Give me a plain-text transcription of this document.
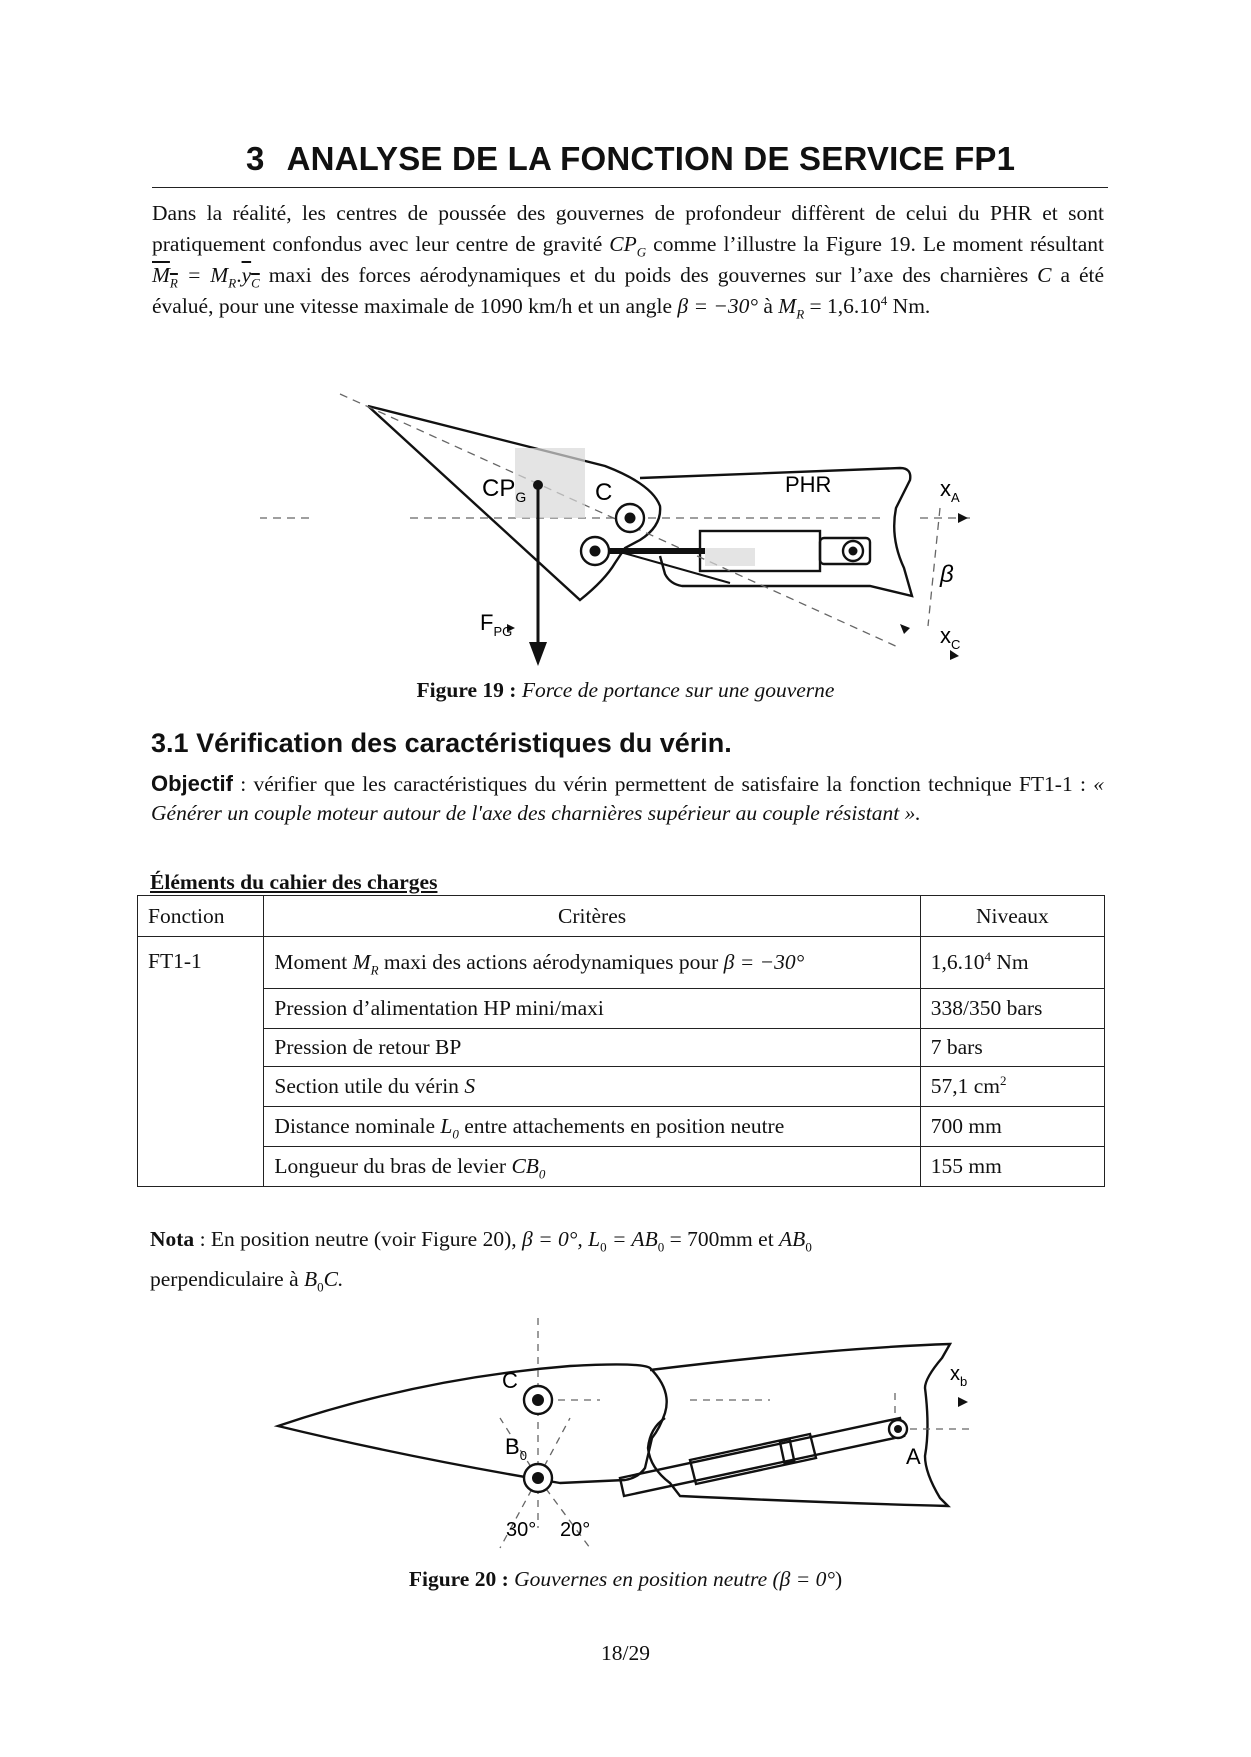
3 ANALYSE DE LA FONCTION DE SERVICE FP1

Dans la réalité, les centres de poussée des gouvernes de profondeur diffèrent de celui du PHR et sont pratiquement confondus avec leur centre de gravité $CP_G$ comme l’illustre la Figure 19. Le moment résultant $M_R = M_R.y_C$ maxi des forces aérodynamiques et du poids des gouvernes sur l’axe des charnières C a été évalué, pour une vitesse maximale de 1090 km/h et un angle β = −30° à $M_R = 1,6.10^4$ Nm.

$CP_G$	C	PHR	$x_A$
β
$x_C$
$F_{PG}$
Figure 19 : Force de portance sur une gouverne
3.1 Vérification des caractéristiques du vérin.
Objectif : vérifier que les caractéristiques du vérin permettent de satisfaire la fonction technique FT1-1 : « Générer un couple moteur autour de l'axe des charnières supérieur au couple résistant ».
Éléments du cahier des charges
Fonction	Critères	Niveaux
FT1-1	Moment $M_R$ maxi des actions aérodynamiques pour β = −30°	1,6.10$^4$ Nm
	Pression d’alimentation HP mini/maxi	338/350 bars
	Pression de retour BP	7 bars
	Section utile du vérin S	57,1 $cm^2$
	Distance nominale $L_0$ entre attachements en position neutre	700 mm
	Longueur du bras de levier $CB_0$	155 mm
Nota : En position neutre (voir Figure 20), β = 0°, $L_0 = AB_0 = 700mm$ et $AB_0$
perpendiculaire à $B_0C$.
C
$B_0$	A
$x_b$
30° 20°
Figure 20 : Gouvernes en position neutre (β = 0°)
18/29
